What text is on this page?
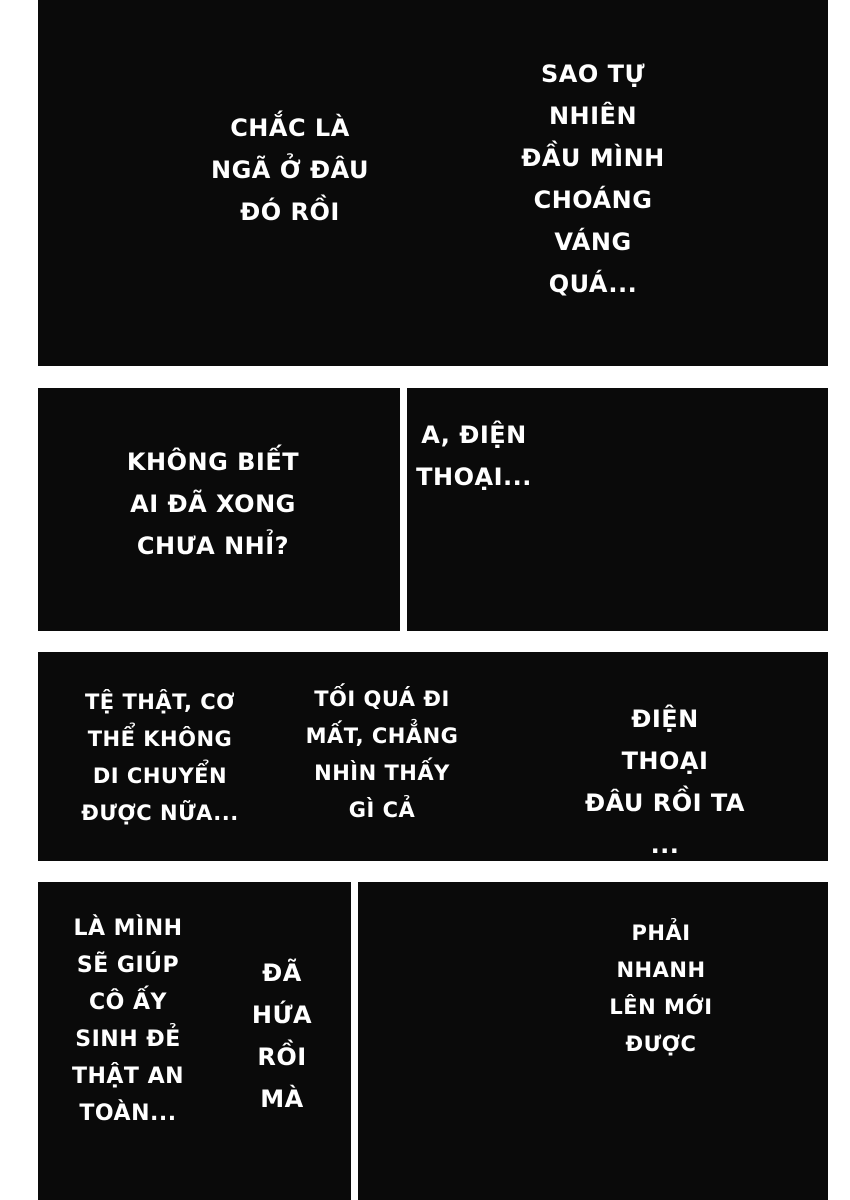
CHẮC LÀ
NGÃ Ở ĐÂU
ĐÓ RỒI
SAO TỰ
NHIÊN
ĐẦU MÌNH
CHOÁNG
VÁNG
QUÁ...
KHÔNG BIẾT
AI ĐÃ XONG
CHƯA NHỈ?
A, ĐIỆN
THOẠI...
TỆ THẬT, CƠ
THỂ KHÔNG
DI CHUYỂN
ĐƯỢC NỮA...
TỐI QUÁ ĐI
MẤT, CHẲNG
NHÌN THẤY
GÌ CẢ
ĐIỆN THOẠI
ĐÂU RỒI TA
...
LÀ MÌNH
SẼ GIÚP
CÔ ẤY
SINH ĐẺ
THẬT AN
TOÀN...
ĐÃ HỨA
RỒI MÀ
PHẢI
NHANH
LÊN MỚI
ĐƯỢC
